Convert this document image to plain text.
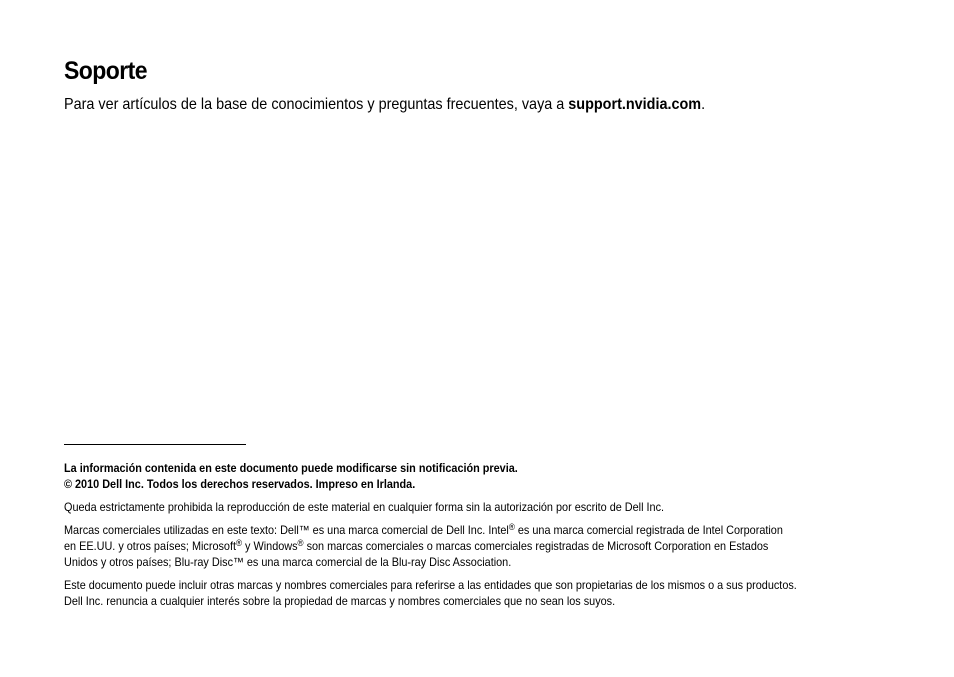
Soporte

Para ver artículos de la base de conocimientos y preguntas frecuentes, vaya a support.nvidia.com.

La información contenida en este documento puede modificarse sin notificación previa.
© 2010 Dell Inc. Todos los derechos reservados. Impreso en Irlanda.

Queda estrictamente prohibida la reproducción de este material en cualquier forma sin la autorización por escrito de Dell Inc.

Marcas comerciales utilizadas en este texto: Dell™ es una marca comercial de Dell Inc. Intel® es una marca comercial registrada de Intel Corporation
en EE.UU. y otros países; Microsoft® y Windows® son marcas comerciales o marcas comerciales registradas de Microsoft Corporation en Estados
Unidos y otros países; Blu-ray Disc™ es una marca comercial de la Blu-ray Disc Association.

Este documento puede incluir otras marcas y nombres comerciales para referirse a las entidades que son propietarias de los mismos o a sus productos.
Dell Inc. renuncia a cualquier interés sobre la propiedad de marcas y nombres comerciales que no sean los suyos.
